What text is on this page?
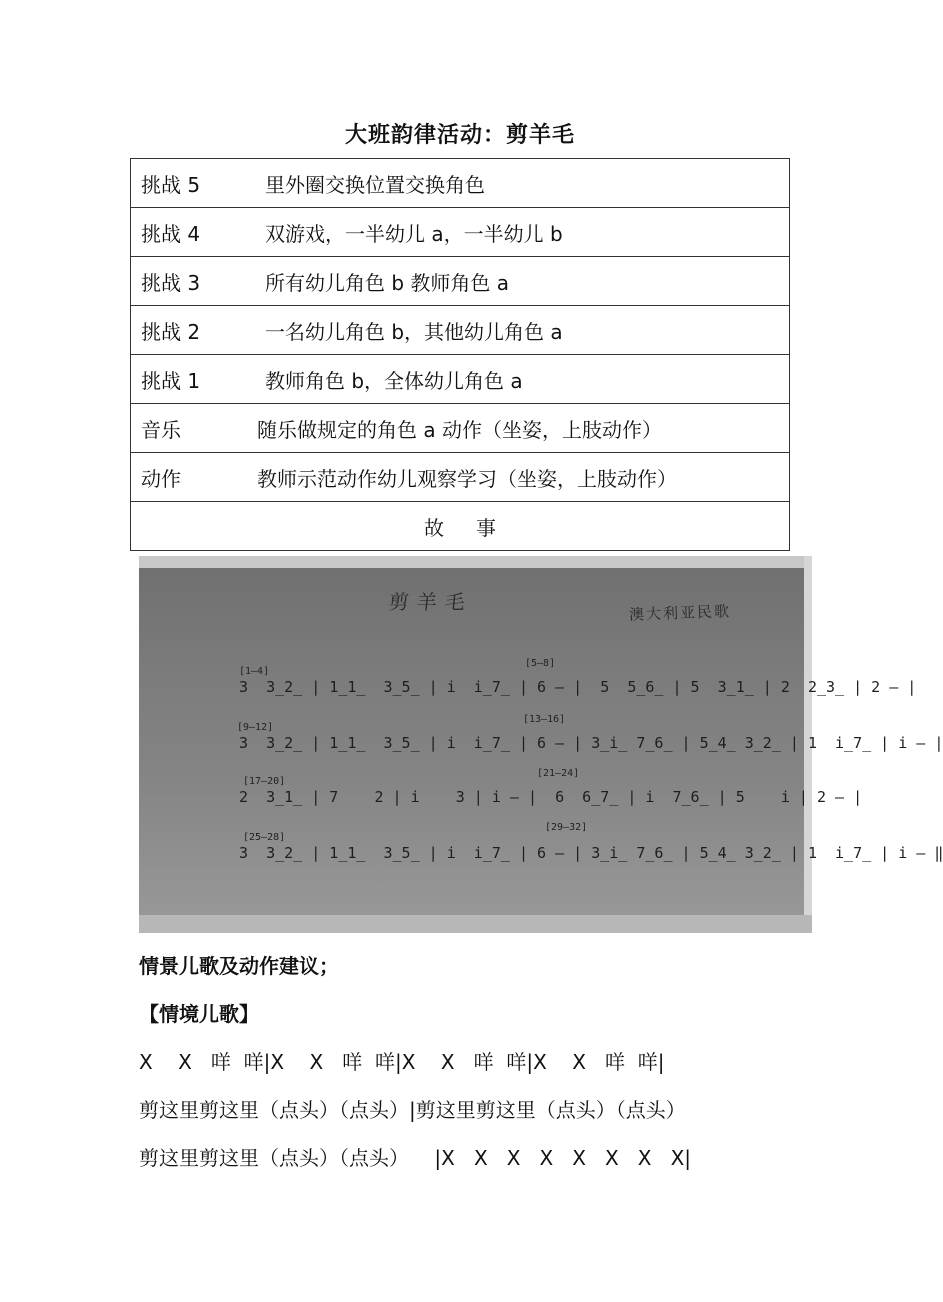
大班韵律活动：剪羊毛
挑战 5	里外圈交换位置交换角色
挑战 4	双游戏，一半幼儿 a，一半幼儿 b
挑战 3	所有幼儿角色 b 教师角色 a
挑战 2	一名幼儿角色 b，其他幼儿角色 a
挑战 1	教师角色 b，全体幼儿角色 a
音乐	随乐做规定的角色 a 动作（坐姿，上肢动作）
动作	教师示范动作幼儿观察学习（坐姿，上肢动作）
故 事
剪羊毛	澳大利亚民歌
[1—4]
[5—8]
3  3̲2̲ | 1̲1̲  3̲5̲ | i  i̲7̲ | 6 — |  5  5̲6̲ | 5  3̲1̲ | 2  2̲3̲ | 2 — |
[9—12]
[13—16]
3  3̲2̲ | 1̲1̲  3̲5̲ | i  i̲7̲ | 6 — | 3̲i̲ 7̲6̲ | 5̲4̲ 3̲2̲ | 1  i̲7̲ | i — |
[17—20]
[21—24]
2  3̲1̲ | 7    2 | i    3 | i — |  6  6̲7̲ | i  7̲6̲ | 5    i | 2 — |
[25—28]
[29—32]
3  3̲2̲ | 1̲1̲  3̲5̲ | i  i̲7̲ | 6 — | 3̲i̲ 7̲6̲ | 5̲4̲ 3̲2̲ | 1  i̲7̲ | i — ‖
情景儿歌及动作建议；
【情境儿歌】
X    X   咩  咩|X    X   咩  咩|X    X   咩  咩|X    X   咩  咩|
剪这里剪这里（点头）（点头）|剪这里剪这里（点头）（点头）
剪这里剪这里（点头）（点头）    |X   X   X   X   X   X   X   X|
